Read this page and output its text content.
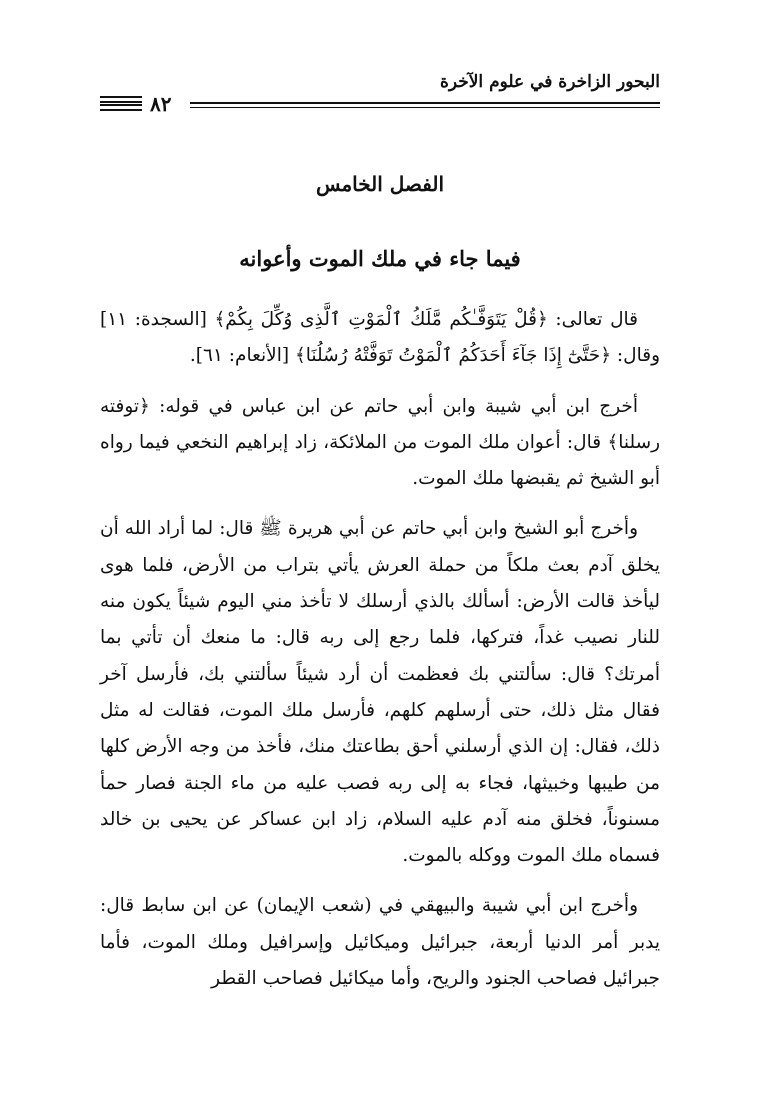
البحور الزاخرة في علوم الآخرة
٨٢
الفصل الخامس
فيما جاء في ملك الموت وأعوانه

قال تعالى: ﴿قُلْ يَتَوَفَّـٰكُم مَّلَكُ ٱلْمَوْتِ ٱلَّذِى وُكِّلَ بِكُمْ﴾ [السجدة: ١١] وقال: ﴿حَتَّىٰٓ إِذَا جَآءَ أَحَدَكُمُ ٱلْمَوْتُ تَوَفَّتْهُ رُسُلُنَا﴾ [الأنعام: ٦١].

أخرج ابن أبي شيبة وابن أبي حاتم عن ابن عباس في قوله: ﴿توفته رسلنا﴾ قال: أعوان ملك الموت من الملائكة، زاد إبراهيم النخعي فيما رواه أبو الشيخ ثم يقبضها ملك الموت.

وأخرج أبو الشيخ وابن أبي حاتم عن أبي هريرة ﷺ قال: لما أراد الله أن يخلق آدم بعث ملكاً من حملة العرش يأتي بتراب من الأرض، فلما هوى ليأخذ قالت الأرض: أسألك بالذي أرسلك لا تأخذ مني اليوم شيئاً يكون منه للنار نصيب غداً، فتركها، فلما رجع إلى ربه قال: ما منعك أن تأتي بما أمرتك؟ قال: سألتني بك فعظمت أن أرد شيئاً سألتني بك، فأرسل آخر فقال مثل ذلك، حتى أرسلهم كلهم، فأرسل ملك الموت، فقالت له مثل ذلك، فقال: إن الذي أرسلني أحق بطاعتك منك، فأخذ من وجه الأرض كلها من طيبها وخبيثها، فجاء به إلى ربه فصب عليه من ماء الجنة فصار حمأ مسنوناً، فخلق منه آدم عليه السلام، زاد ابن عساكر عن يحيى بن خالد فسماه ملك الموت ووكله بالموت.

وأخرج ابن أبي شيبة والبيهقي في (شعب الإيمان) عن ابن سابط قال: يدبر أمر الدنيا أربعة، جبرائيل وميكائيل وإسرافيل وملك الموت، فأما جبرائيل فصاحب الجنود والريح، وأما ميكائيل فصاحب القطر
